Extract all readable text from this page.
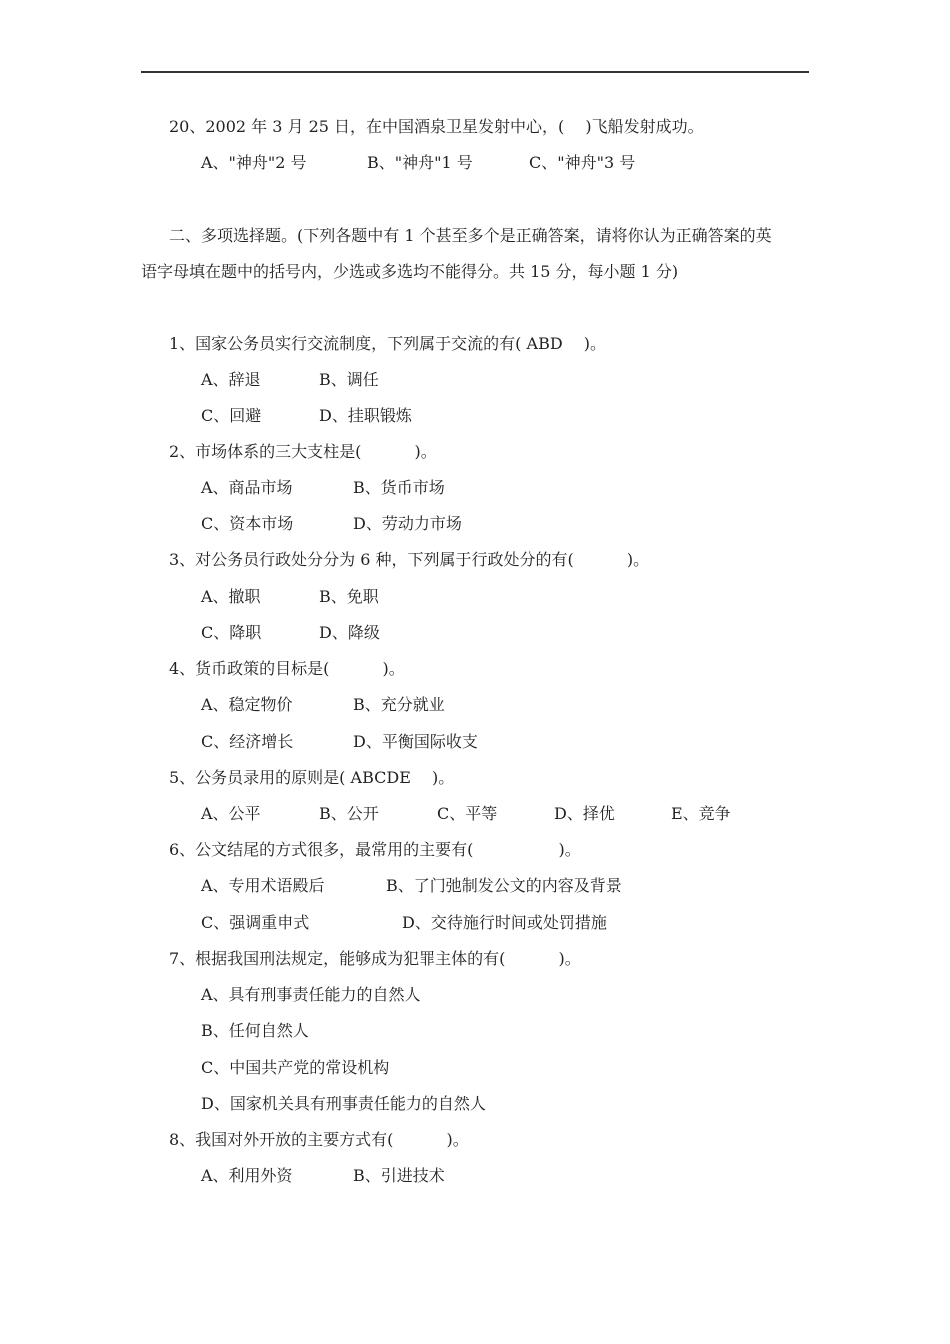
20、2002 年 3 月 25 日，在中国酒泉卫星发射中心，(　 )飞船发射成功。
A、"神舟"2 号	B、"神舟"1 号	C、"神舟"3 号
二、多项选择题。(下列各题中有 1 个甚至多个是正确答案，请将你认为正确答案的英
语字母填在题中的括号内，少选或多选均不能得分。共 15 分，每小题 1 分)
1、国家公务员实行交流制度，下列属于交流的有( ABD　 )。
A、辞退	B、调任
C、回避	D、挂职锻炼
2、市场体系的三大支柱是(　　　 )。
A、商品市场	B、货币市场
C、资本市场	D、劳动力市场
3、对公务员行政处分分为 6 种，下列属于行政处分的有(　　　 )。
A、撤职	B、免职
C、降职	D、降级
4、货币政策的目标是(　　　 )。
A、稳定物价	B、充分就业
C、经济增长	D、平衡国际收支
5、公务员录用的原则是( ABCDE　 )。
A、公平	B、公开	C、平等	D、择优	E、竞争
6、公文结尾的方式很多，最常用的主要有(　　　　　 )。
A、专用术语殿后	B、了门弛制发公文的内容及背景
C、强调重申式	D、交待施行时间或处罚措施
7、根据我国刑法规定，能够成为犯罪主体的有(　　　 )。
A、具有刑事责任能力的自然人
B、任何自然人
C、中国共产党的常设机构
D、国家机关具有刑事责任能力的自然人
8、我国对外开放的主要方式有(　　　 )。
A、利用外资	B、引进技术
